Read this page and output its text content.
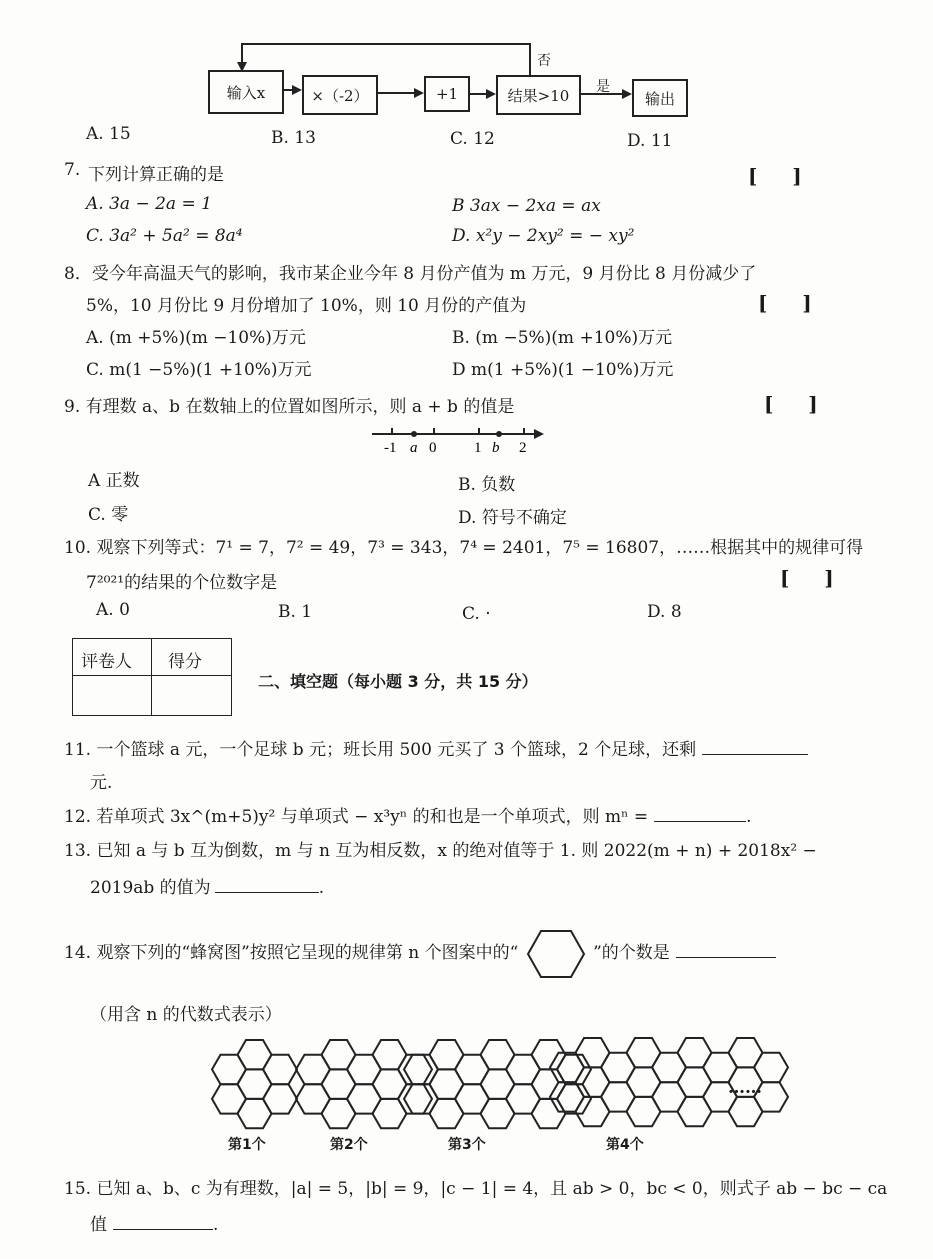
输入x	×（-2）	+1	结果>10	输出
否
是
A. 15	B. 13	C. 12	D. 11
7. 下列计算正确的是	[     ]
A. 3a − 2a = 1	B 3ax − 2xa = ax
C. 3a² + 5a² = 8a⁴	D. x²y − 2xy² = − xy²
8．受今年高温天气的影响，我市某企业今年 8 月份产值为 m 万元，9 月份比 8 月份减少了
5%，10 月份比 9 月份增加了 10%，则 10 月份的产值为	[     ]
A. (m +5%)(m −10%)万元	B. (m −5%)(m +10%)万元
C. m(1 −5%)(1 +10%)万元	D m(1 +5%)(1 −10%)万元
9. 有理数 a、b 在数轴上的位置如图所示，则 a + b 的值是	[     ]
-1 a 0	1 b 2
A 正数	B. 负数
C. 零	D. 符号不确定
10. 观察下列等式：7¹ = 7，7² = 49，7³ = 343，7⁴ = 2401，7⁵ = 16807，……根据其中的规律可得
7²⁰²¹的结果的个位数字是	[     ]
A. 0	B. 1	C. ·	D. 8
评卷人 得分
二、填空题（每小题 3 分，共 15 分）
11. 一个篮球 a 元，一个足球 b 元；班长用 500 元买了 3 个篮球，2 个足球，还剩
元.
12. 若单项式 3x^(m+5)y² 与单项式 − x³yⁿ 的和也是一个单项式，则 mⁿ =	.
13. 已知 a 与 b 互为倒数，m 与 n 互为相反数，x 的绝对值等于 1. 则 2022(m + n) + 2018x² −
2019ab 的值为	.
14. 观察下列的“蜂窝图”按照它呈现的规律第 n 个图案中的“	”的个数是
（用含 n 的代数式表示）
第1个	第2个	第3个	第4个
……
15. 已知 a、b、c 为有理数，|a| = 5，|b| = 9，|c − 1| = 4，且 ab > 0，bc < 0，则式子 ab − bc − ca
值	.
